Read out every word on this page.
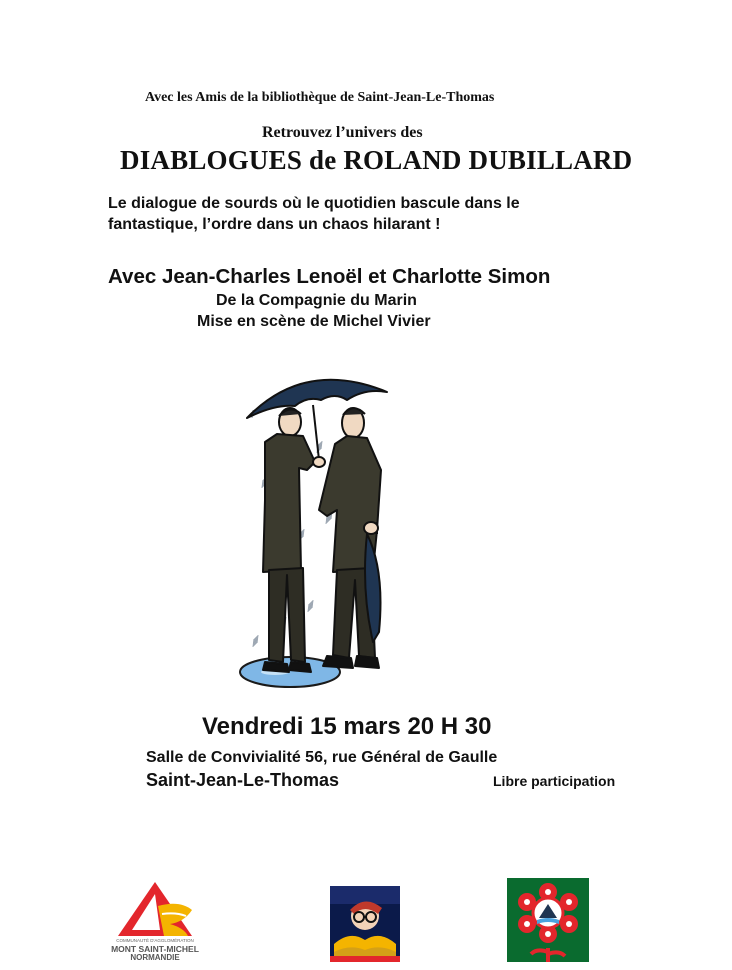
Avec les Amis de la bibliothèque de Saint-Jean-Le-Thomas
Retrouvez l’univers des
DIABLOGUES de ROLAND DUBILLARD
Le dialogue de sourds où le quotidien bascule dans le
fantastique, l’ordre dans un chaos hilarant !
Avec Jean-Charles Lenoël et Charlotte Simon
De la Compagnie du Marin
Mise en scène de Michel Vivier
Vendredi 15 mars 20 H 30
Salle de Convivialité 56, rue Général de Gaulle
Saint-Jean-Le-Thomas	Libre participation
COMMUNAUTÉ D'AGGLOMÉRATION
MONT SAINT-MICHEL
NORMANDIE
